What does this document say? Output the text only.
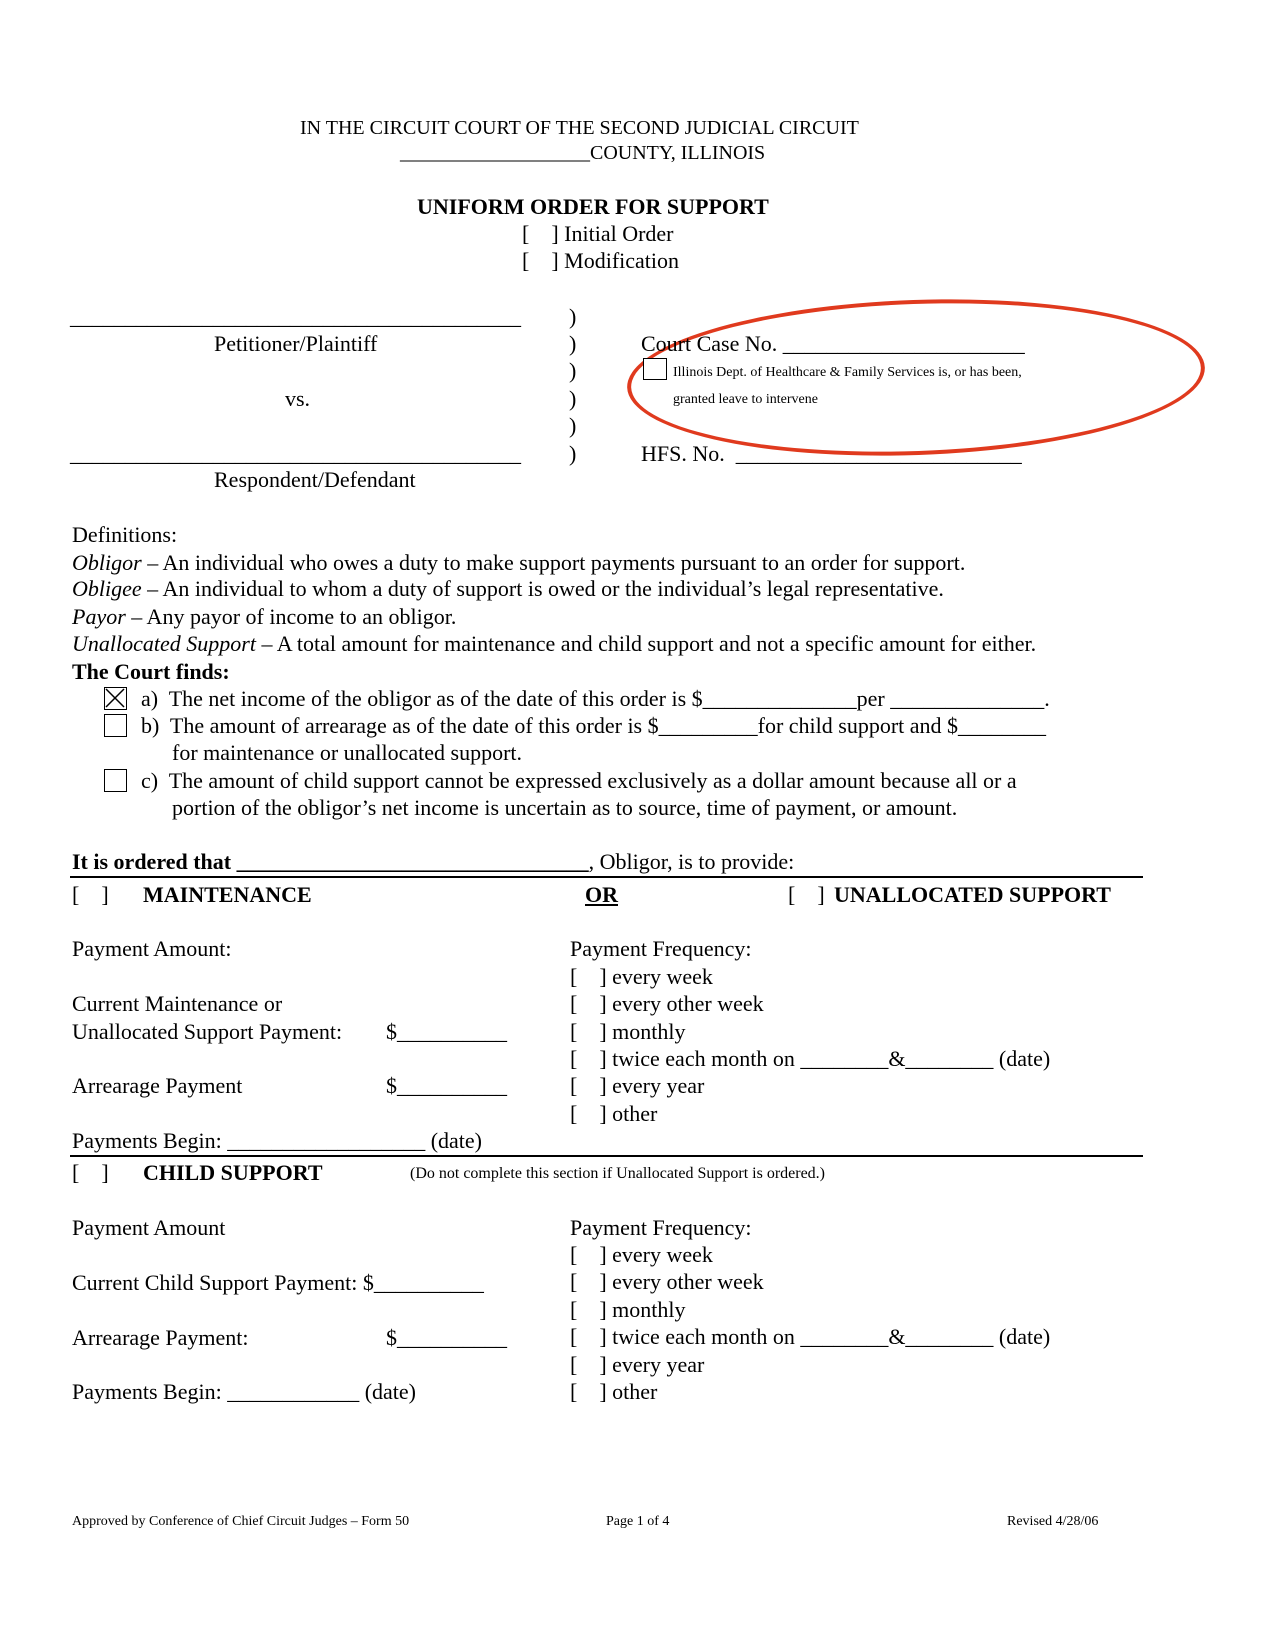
IN THE CIRCUIT COURT OF THE SECOND JUDICIAL CIRCUIT
___________________COUNTY, ILLINOIS
UNIFORM ORDER FOR SUPPORT
[    ] Initial Order
[    ] Modification
_________________________________________
Petitioner/Plaintiff
vs.
_________________________________________
Respondent/Defendant
)
)
)
)
)
)
Court Case No. ______________________
Illinois Dept. of Healthcare & Family Services is, or has been,
granted leave to intervene
HFS. No.  __________________________
Definitions:
Obligor – An individual who owes a duty to make support payments pursuant to an order for support.
Obligee – An individual to whom a duty of support is owed or the individual’s legal representative.
Payor – Any payor of income to an obligor.
Unallocated Support – A total amount for maintenance and child support and not a specific amount for either.
The Court finds:
a)  The net income of the obligor as of the date of this order is $______________per ______________.
b)  The amount of arrearage as of the date of this order is $_________for child support and $________
for maintenance or unallocated support.
c)  The amount of child support cannot be expressed exclusively as a dollar amount because all or a
portion of the obligor’s net income is uncertain as to source, time of payment, or amount.
It is ordered that ________________________________, Obligor, is to provide:
[    ] MAINTENANCE	OR	[    ] UNALLOCATED SUPPORT
Payment Amount:
Current Maintenance or
Unallocated Support Payment: $__________
Arrearage Payment	$__________
Payments Begin: __________________ (date)
Payment Frequency:
[    ] every week
[    ] every other week
[    ] monthly
[    ] twice each month on ________&________ (date)
[    ] every year
[    ] other
[    ] CHILD SUPPORT	(Do not complete this section if Unallocated Support is ordered.)
Payment Amount
Current Child Support Payment: $__________
Arrearage Payment:	$__________
Payments Begin: ____________ (date)
Payment Frequency:
[    ] every week
[    ] every other week
[    ] monthly
[    ] twice each month on ________&________ (date)
[    ] every year
[    ] other
Approved by Conference of Chief Circuit Judges – Form 50	Page 1 of 4	Revised 4/28/06
